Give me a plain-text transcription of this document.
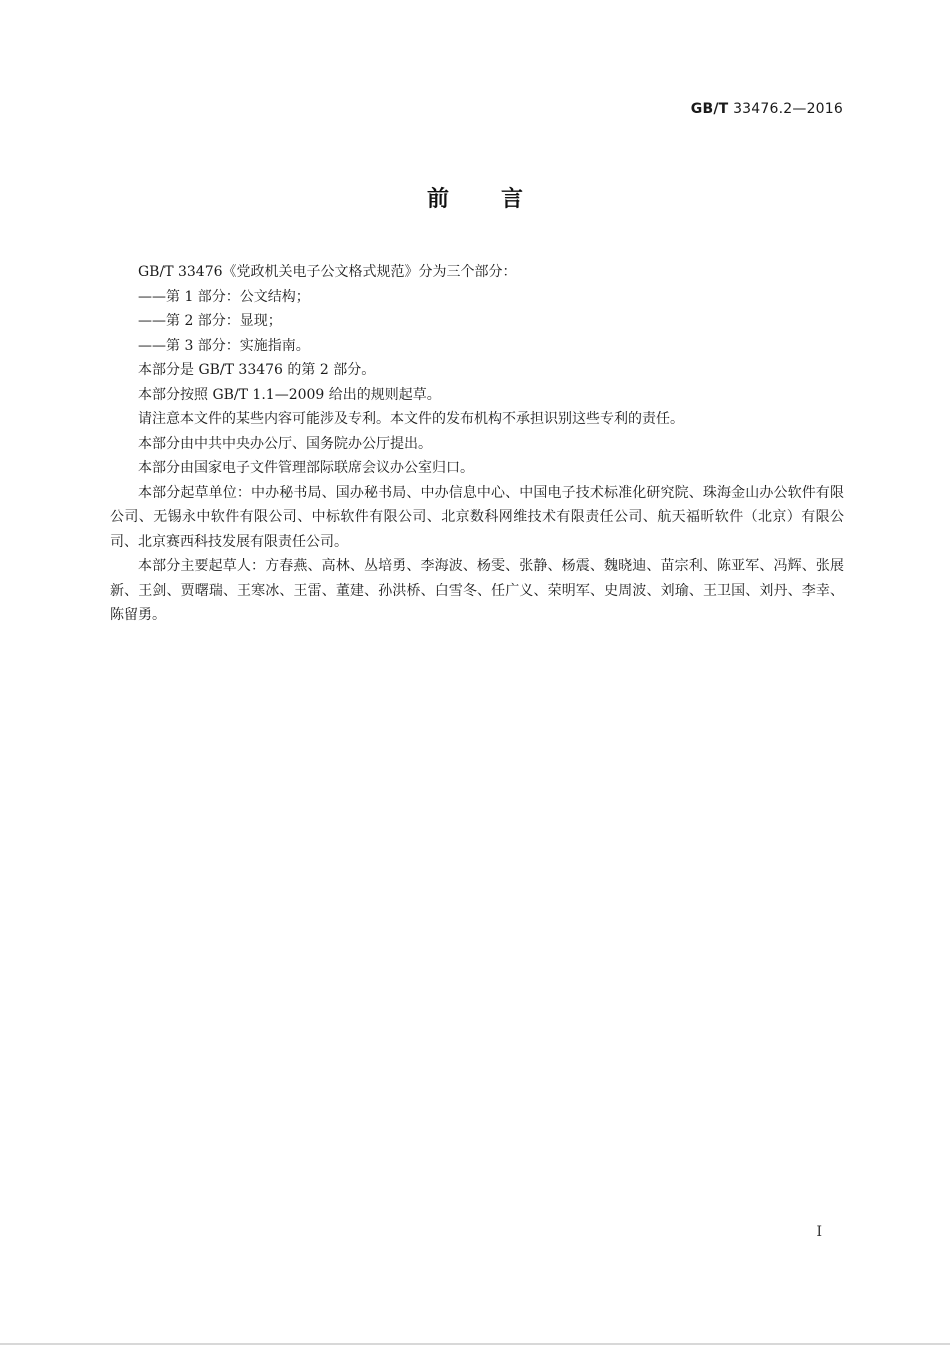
GB/T 33476.2—2016
前言

GB/T 33476《党政机关电子公文格式规范》分为三个部分：

——第 1 部分：公文结构；

——第 2 部分：显现；

——第 3 部分：实施指南。

本部分是 GB/T 33476 的第 2 部分。

本部分按照 GB/T 1.1—2009 给出的规则起草。

请注意本文件的某些内容可能涉及专利。本文件的发布机构不承担识别这些专利的责任。

本部分由中共中央办公厅、国务院办公厅提出。

本部分由国家电子文件管理部际联席会议办公室归口。

本部分起草单位：中办秘书局、国办秘书局、中办信息中心、中国电子技术标准化研究院、珠海金山办公软件有限公司、无锡永中软件有限公司、中标软件有限公司、北京数科网维技术有限责任公司、航天福昕软件（北京）有限公司、北京赛西科技发展有限责任公司。

本部分主要起草人：方春燕、高林、丛培勇、李海波、杨雯、张静、杨震、魏晓迪、苗宗利、陈亚军、冯辉、张展新、王剑、贾曙瑞、王寒冰、王雷、董建、孙洪桥、白雪冬、任广义、荣明军、史周波、刘瑜、王卫国、刘丹、李幸、陈留勇。

I
